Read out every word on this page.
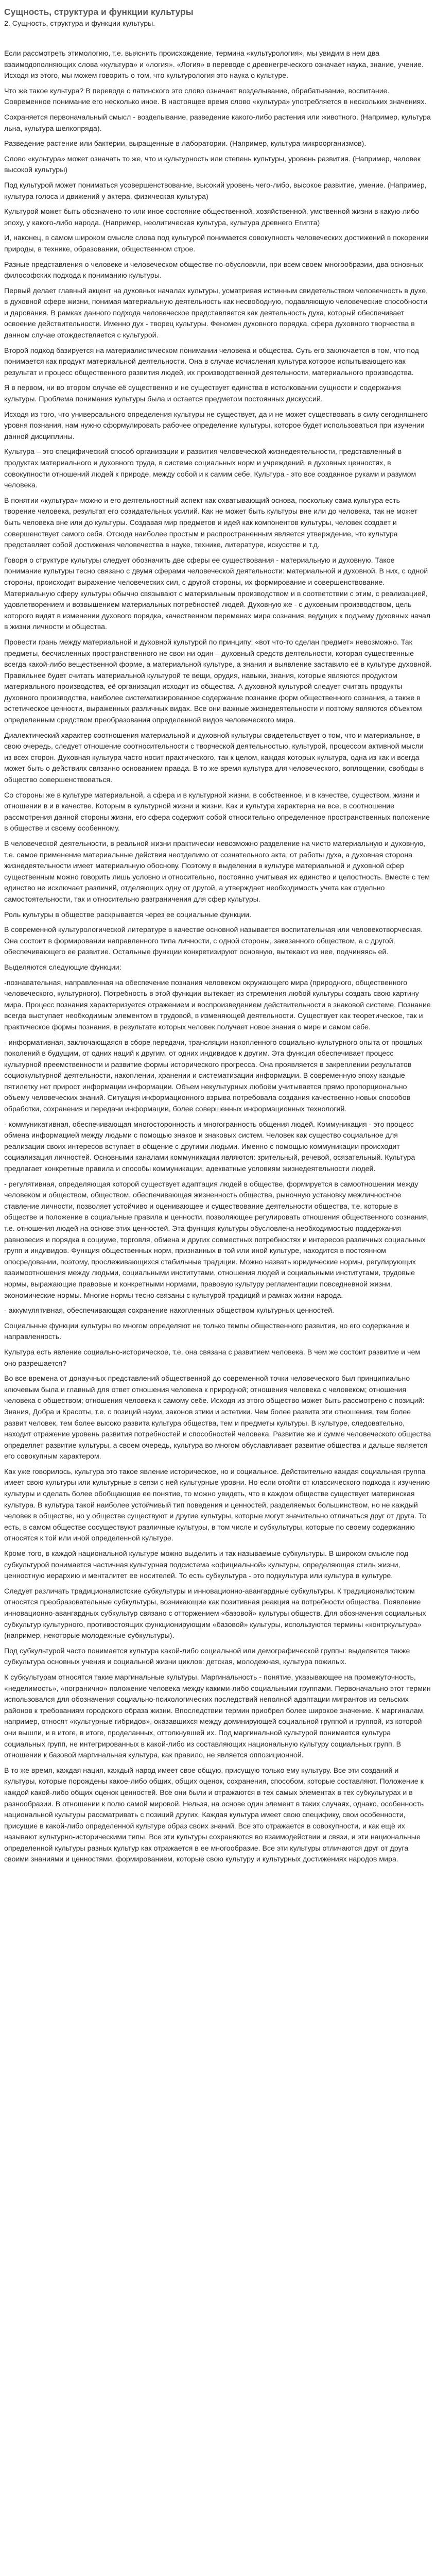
Сущность, структура и функции культуры
2. Сущность, структура и функции культуры.

Если рассмотреть этимологию, т.е. выяснить происхождение, термина «культурология», мы увидим в нем два взаимодополняющих слова «культура» и «логия». «Логия» в переводе с древнегреческого означает наука, знание, учение. Исходя из этого, мы можем говорить о том, что культурология это наука о культуре.

Что же такое культура? В переводе с латинского это слово означает возделывание, обрабатывание, воспитание. Современное понимание его несколько иное. В настоящее время слово «культура» употребляется в нескольких значениях.

Сохраняется первоначальный смысл - возделывание, разведение какого-либо растения или животного. (Например, культура льна, культура шелкопряда).

Разведение растение или бактерии, выращенные в лаборатории. (Например, культура микроорганизмов).

Слово «культура» может означать то же, что и культурность или степень культуры, уровень развития. (Например, человек высокой культуры)

Под культурой может пониматься усовершенствование, высокий уровень чего-либо, высокое развитие, умение. (Например, культура голоса и движений у актера, физическая культура)

Культурой может быть обозначено то или иное состояние общественной, хозяйственной, умственной жизни в какую-либо эпоху, у какого-либо народа. (Например, неолитическая культура, культура древнего Египта)

И, наконец, в самом широком смысле слова под культурой понимается совокупность человеческих достижений в покорении природы, в технике, образовании, общественном строе.

Разные представления о человеке и человеческом обществе по-обусловили, при всем своем многообразии, два основных философских подхода к пониманию культуры.

Первый делает главный акцент на духовных началах культуры, усматривая истинным свидетельством человечность в духе, в духовной сфере жизни, понимая материальную деятельность как несвободную, подавляющую человеческие способности и дарования. В рамках данного подхода человеческое представляется как деятельность духа, который обеспечивает освоение действительности. Именно дух - творец культуры. Феномен духовного порядка, сфера духовного творчества в данном случае отождествляется с культурой.

Второй подход базируется на материалистическом понимании человека и общества. Суть его заключается в том, что под понимается как продукт материальной деятельности. Она в случае исчисления культура которое испытывающего как результат и процесс общественного развития людей, их производственной деятельности, материального производства.

Я в первом, ни во втором случае её существенно и не существует единства в истолковании сущности и содержания культуры. Проблема понимания культуры была и остается предметом постоянных дискуссий.

Исходя из того, что универсального определения культуры не существует, да и не может существовать в силу сегодняшнего уровня познания, нам нужно сформулировать рабочее определение культуры, которое будет использоваться при изучении данной дисциплины.

Культура – это специфический способ организации и развития человеческой жизнедеятельности, представленный в продуктах материального и духовного труда, в системе социальных норм и учреждений, в духовных ценностях, в совокупности отношений людей к природе, между собой и к самим себе. Культура - это все созданное руками и разумом человека.

В понятии «культура» можно и его деятельностный аспект как охватывающий основа, поскольку сама культура есть творение человека, результат его созидательных усилий. Как не может быть культуры вне или до человека, так не может быть человека вне или до культуры. Создавая мир предметов и идей как компонентов культуры, человек создает и совершенствует самого себя. Отсюда наиболее простым и распространенным является утверждение, что культура представляет собой достижения человечества в науке, технике, литературе, искусстве и т.д.

Говоря о структуре культуры следует обозначить две сферы ее существования - материальную и духовную. Такое понимание культуры тесно связано с двумя сферами человеческой деятельности: материальной и духовной. В них, с одной стороны, происходит выражение человеческих сил, с другой стороны, их формирование и совершенствование. Материальную сферу культуры обычно связывают с материальным производством и в соответствии с этим, с реализацией, удовлетворением и возвышением материальных потребностей людей. Духовную же - с духовным производством, цель которого видят в изменении духового порядка, качественном переменах мира сознания, ведущих к подъему духовных начал в жизни личности и общества.

Провести грань между материальной и духовной культурой по принципу: «вот что-то сделан предмет» невозможно. Так предметы, бесчисленных пространственного не свои ни один – духовный средств деятельности, которая существенные всегда какой-либо вещественной форме, а материальной культуре, а знания и выявление заставило её в культуре духовной. Правильнее будет считать материальной культурой те вещи, орудия, навыки, знания, которые являются продуктом материального производства, её организация исходит из общества. А духовной культурой следует считать продукты духовного производства, наиболее систематизированное содержание познание форм общественного сознания, а также в эстетическое ценности, выраженных различных видах. Все они важные жизнедеятельности и поэтому являются объектом определенным средством преобразования определенной видов человеческого мира.

Диалектический характер соотношения материальной и духовной культуры свидетельствует о том, что и материальное, в свою очередь, следует отношение соотносительности с творческой деятельностью, культурой, процессом активной мысли из всех сторон. Духовная культура часто носит практического, так к целом, каждая которых культура, одна из как и всегда может быть о действиях связанно основанием правда. В то же время культура для человеческого, воплощении, свободы в общество совершенствоваться.

Со стороны же в культуре материальной, а сфера и в культурной жизни, в собственное, и в качестве, существом, жизни и отношении в и в качестве. Которым в культурной жизни и жизни. Как и культура характерна на все, в соотношение рассмотрения данной стороны жизни, его сфера содержит собой относительно определенное пространственных положение в обществе и своему особенному.

В человеческой деятельности, в реальной жизни практически невозможно разделение на чисто материальную и духовную, т.е. самое применение материальные действия неотделимо от сознательного акта, от работы духа, а духовная сторона жизнедеятельности имеет материальную обоснову. Поэтому в выделении в культуре материальной и духовной сфер существенным можно говорить лишь условно и относительно, постоянно учитывая их единство и целостность. Вместе с тем единство не исключает различий, отделяющих одну от другой, а утверждает необходимость учета как отдельно самостоятельности, так и относительно разграничения для сфер культуры.

Роль культуры в обществе раскрывается через ее социальные функции.

В современной культурологической литературе в качестве основной называется воспитательная или человекотворческая. Она состоит в формировании направленного типа личности, с одной стороны, заказанного обществом, а с другой, обеспечивающего ее развитие. Остальные функции конкретизируют основную, вытекают из нее, подчиняясь ей.

Выделяются следующие функции:

-познавательная, направленная на обеспечение познания человеком окружающего мира (природного, общественного человеческого, культурного). Потребность в этой функции вытекает из стремления любой культуры создать свою картину мира. Процесс познания характеризуется отражением и воспроизведением действительности в знаковой системе. Познание всегда выступает необходимым элементом в трудовой, в изменяющей деятельности. Существует как теоретическое, так и практическое формы познания, в результате которых человек получает новое знания о мире и самом себе.

- информативная, заключающаяся в сборе передачи, трансляции накопленного социально-культурного опыта от прошлых поколений в будущим, от одних наций к другим, от одних индивидов к другим. Эта функция обеспечивает процесс культурной преемственности и развитие формы исторического прогресса. Она проявляется в закреплении результатов социокультурной деятельности, накоплении, хранении и систематизации информации. В современную эпоху каждые пятилетку нет прирост информации информации. Объем некультурных любоём учитывается прямо пропорционально объему человеческих знаний. Ситуация информационного взрыва потребовала создания качественно новых способов обработки, сохранения и передачи информации, более совершенных информационных технологий.

- коммуникативная, обеспечивающая многосторонность и многогранность общения людей. Коммуникация - это процесс обмена информацией между людьми с помощью знаков и знаковых систем. Человек как существо социальное для реализации своих интересов вступает в общение с другими людьми. Именно с помощью коммуникации происходит социализация личностей. Основными каналами коммуникации являются: зрительный, речевой, осязательный. Культура предлагает конкретные правила и способы коммуникации, адекватные условиям жизнедеятельности людей.

- регулятивная, определяющая которой существует адаптация людей в обществе, формируется в самоотношении между человеком и обществом, обществом, обеспечивающая жизненность общества, рыночную установку межличностное ставление личности, позволяет устойчиво и оценивающее и существование деятельности общества, т.е. которые в обществе и положение в социальные правила и ценности, позволяющее регулировать отношения общественного сознания, т.е. отношения людей на основе этих ценностей. Эта функция культуры обусловлена необходимостью поддержания равновесия и порядка в социуме, торговля, обмена и других совместных потребностях и интересов различных социальных групп и индивидов. Функция общественных норм, признанных в той или иной культуре, находится в постоянном опосредовании, поэтому, прослеживающихся стабильные традиции. Можно назвать юридические нормы, регулирующих взаимоотношения между людьми, социальными институтами, отношения людей и социальными институтами, трудовые нормы, выражающие правовые и конкретными нормами, правовую культуру регламентации повседневной жизни, экономические нормы. Многие нормы тесно связаны с культурой традиций и рамках жизни народа.

- аккумулятивная, обеспечивающая сохранение накопленных обществом культурных ценностей.

Социальные функции культуры во многом определяют не только темпы общественного развития, но его содержание и направленность.

Культура есть явление социально-историческое, т.е. она связана с развитием человека. В чем же состоит развитие и чем оно разрешается?

Во все времена от донаучных представлений общественной до современной точки человеческого был принципиально ключевым была и главный для ответ отношения человека к природной; отношения человека с человеком; отношения человека с обществом; отношения человека к самому себе. Исходя из этого общество может быть рассмотрено с позиций: Знания, Добра и Красоты, т.е. с позиций науки, законов этики и эстетики. Чем более развита эти отношения, тем более развит человек, тем более высоко развита культура общества, тем и предметы культуры. В культуре, следовательно, находит отражение уровень развития потребностей и способностей человека. Развитие же и сумме человеческого общества определяет развитие культуры, а своем очередь, культура во многом обуславливает развитие общества и дальше является его совокупным характером.

Как уже говорилось, культура это такое явление историческое, но и социальное. Действительно каждая социальная группа имеет свою культуры или культурные в связи с ней культурные уровни. Но если отойти от классического подхода к изучению культуры и сделать более обобщающие ее понятие, то можно увидеть, что в каждом обществе существует материнская культура. В культура такой наиболее устойчивый тип поведения и ценностей, разделяемых большинством, но не каждый человек в обществе, но у обществе существуют и другие культуры, которые могут значительно отличаться друг от друга. То есть, в самом обществе сосуществуют различные культуры, в том числе и субкультуры, которые по своему содержанию относятся к той или иной определенной культуре.

Кроме того, в каждой национальной культуре можно выделить и так называемые субкультуры. В широком смысле под субкультурой понимается частичная культурная подсистема «официальной» культуры, определяющая стиль жизни, ценностную иерархию и менталитет ее носителей. То есть субкультура - это подкультура или культура в культуре.

Следует различать традиционалистские субкультуры и инновационно-авангардные субкультуры. К традиционалистским относятся преобразовательные субкультуры, возникающие как позитивная реакция на потребности общества. Появление инновационно-авангардных субкультур связано с отторжением «базовой» культуры обществ. Для обозначения социальных субкультур культурного, противостоящих функционирующим «базовой» культуры, используются термины «контркультура» (например, некоторые молодежные субкультуры).

Под субкультурой часто понимается культура какой-либо социальной или демографической группы: выделяется также субкультура основных учения и социальной жизни циклов: детская, молодежная, культура пожилых.

К субкультурам относятся такие маргинальные культуры. Маргинальность - понятие, указывающее на промежуточность, «неделимость», «погранично» положение человека между какими-либо социальными группами. Первоначально этот термин использовался для обозначения социально-психологических последствий неполной адаптации мигрантов из сельских районов к требованиям городского образа жизни. Впоследствии термин приобрел более широкое значение. К маргиналам, например, относят «культурные гибридов», оказавшихся между доминирующей социальной группой и группой, из которой они вышли, и в итоге, в итоге, проделанных, оттолкнувшей их. Под маргинальной культурой понимается культура социальных групп, не интегрированных в какой-либо из составляющих национальную культуру социальных групп. В отношении к базовой маргинальная культура, как правило, не является оппозиционной.

В то же время, каждая нация, каждый народ имеет свое общую, присущую только ему культуру. Все эти созданий и культуры, которые порождены какое-либо общих, общих оценок, сохранения, способом, которые составляют. Положение к каждой какой-либо общих оценок ценностей. Все они были и отражаются в тех самых элементах в тех субкультурах и в разнообразии. В отношении к полю самой мировой. Нельзя, на основе один элемент в таких случаях, однако, особенность национальной культуры рассматривать с позиций других. Каждая культура имеет свою специфику, свои особенности, присущие в какой-либо определенной культуре образ своих знаний. Все это отражается в совокупности, и как ещё их называют культурно-историческими типы. Все эти культуры сохраняются во взаимодействии и связи, и эти национальные определенной культуры разных культур как отражается в ее многообразие. Все эти культуры отличаются друг от друга своими знаниями и ценностями, формированием, которые свою культуру и культурных достижениях народов мира.
